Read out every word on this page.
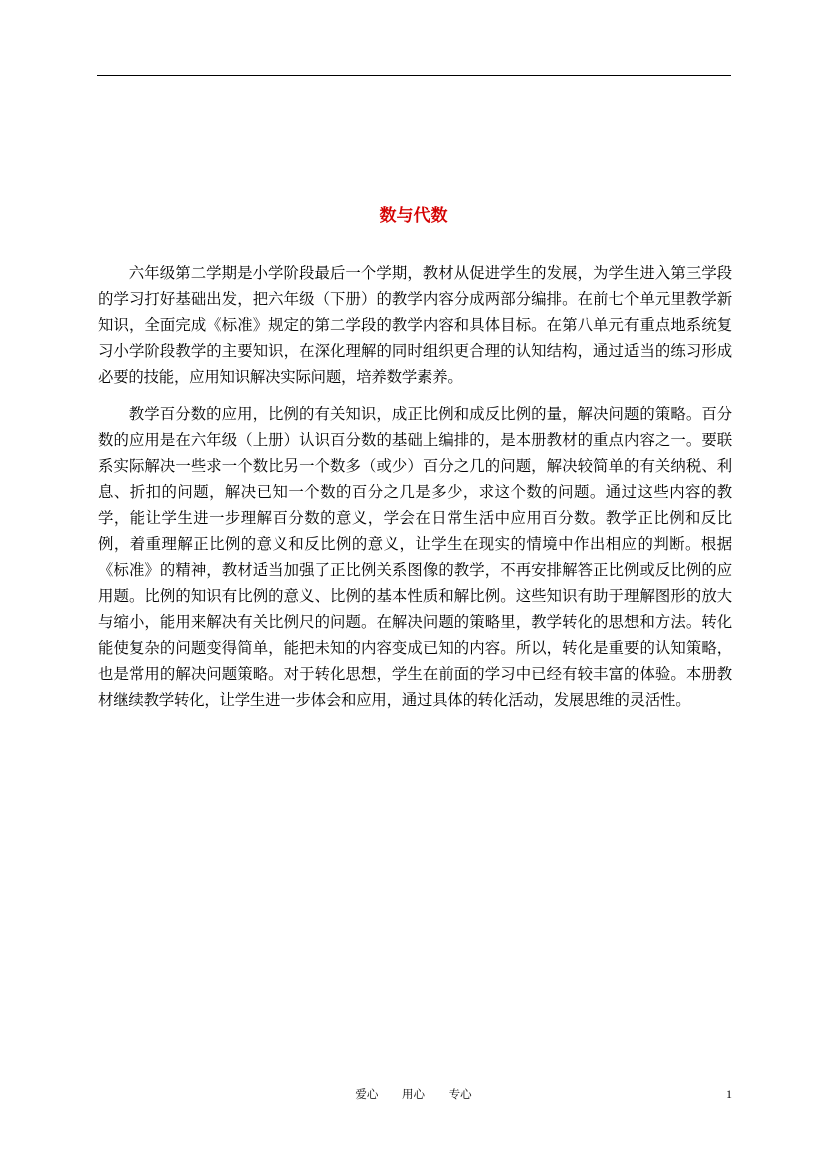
数与代数

六年级第二学期是小学阶段最后一个学期，教材从促进学生的发展，为学生进入第三学段的学习打好基础出发，把六年级（下册）的教学内容分成两部分编排。在前七个单元里教学新知识，全面完成《标准》规定的第二学段的教学内容和具体目标。在第八单元有重点地系统复习小学阶段教学的主要知识，在深化理解的同时组织更合理的认知结构，通过适当的练习形成必要的技能，应用知识解决实际问题，培养数学素养。

教学百分数的应用，比例的有关知识，成正比例和成反比例的量，解决问题的策略。百分数的应用是在六年级（上册）认识百分数的基础上编排的，是本册教材的重点内容之一。要联系实际解决一些求一个数比另一个数多（或少）百分之几的问题，解决较简单的有关纳税、利息、折扣的问题，解决已知一个数的百分之几是多少，求这个数的问题。通过这些内容的教学，能让学生进一步理解百分数的意义，学会在日常生活中应用百分数。教学正比例和反比例，着重理解正比例的意义和反比例的意义，让学生在现实的情境中作出相应的判断。根据《标准》的精神，教材适当加强了正比例关系图像的教学，不再安排解答正比例或反比例的应用题。比例的知识有比例的意义、比例的基本性质和解比例。这些知识有助于理解图形的放大与缩小，能用来解决有关比例尺的问题。在解决问题的策略里，教学转化的思想和方法。转化能使复杂的问题变得简单，能把未知的内容变成已知的内容。所以，转化是重要的认知策略，也是常用的解决问题策略。对于转化思想，学生在前面的学习中已经有较丰富的体验。本册教材继续教学转化，让学生进一步体会和应用，通过具体的转化活动，发展思维的灵活性。

爱心 用心 专心	1
